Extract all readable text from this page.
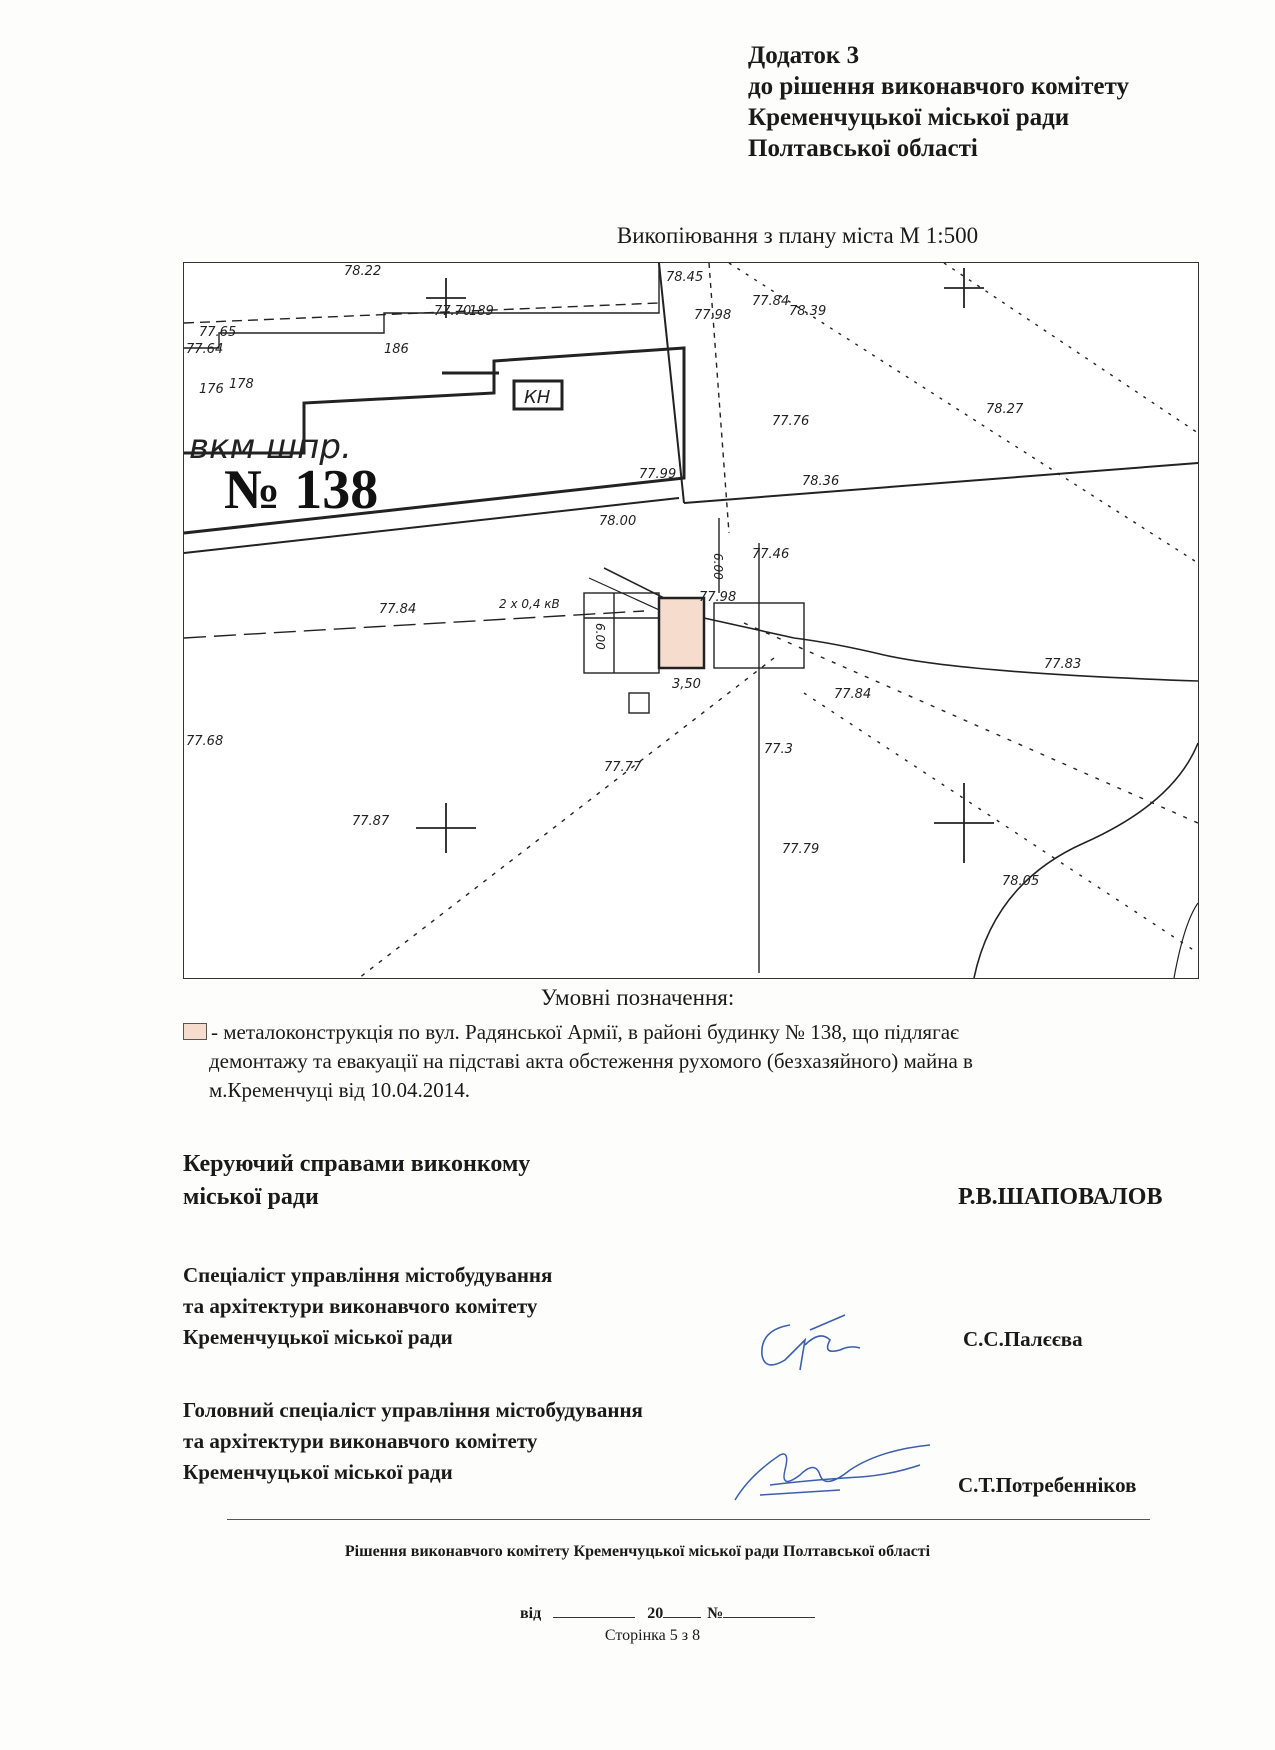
Додаток 3
до рішення виконавчого комітету
Кременчуцької міської ради
Полтавської області
Викопіювання з плану міста М 1:500
№ 138
вкм шпр.
КН
2 х 0,4 кВ
3,50
6.00
6.00
78.45
78.39
77.98
77.84
77.76
78.27
78.36
77.99
77.46
77.98
78.00
77.84
77.83
77.84
77.3
77.77
77.68
77.87
77.79
78.05
78.22
77.70
189
186
178
176
77.65
77.64
Умовні позначення:
- металоконструкція по вул. Радянської Армії, в районі будинку № 138, що підлягає
демонтажу та евакуації на підставі акта обстеження рухомого (безхазяйного) майна в
м.Кременчуці від 10.04.2014.
Керуючий справами виконкому
міської ради	Р.В.ШАПОВАЛОВ
Спеціаліст управління містобудування
та архітектури виконавчого комітету
Кременчуцької міської ради	С.С.Палєєва
Головний спеціаліст управління містобудування
та архітектури виконавчого комітету
Кременчуцької міської ради
С.Т.Потребенніков
Рішення виконавчого комітету Кременчуцької міської ради Полтавської області
від	20	№
Сторінка 5 з 8
